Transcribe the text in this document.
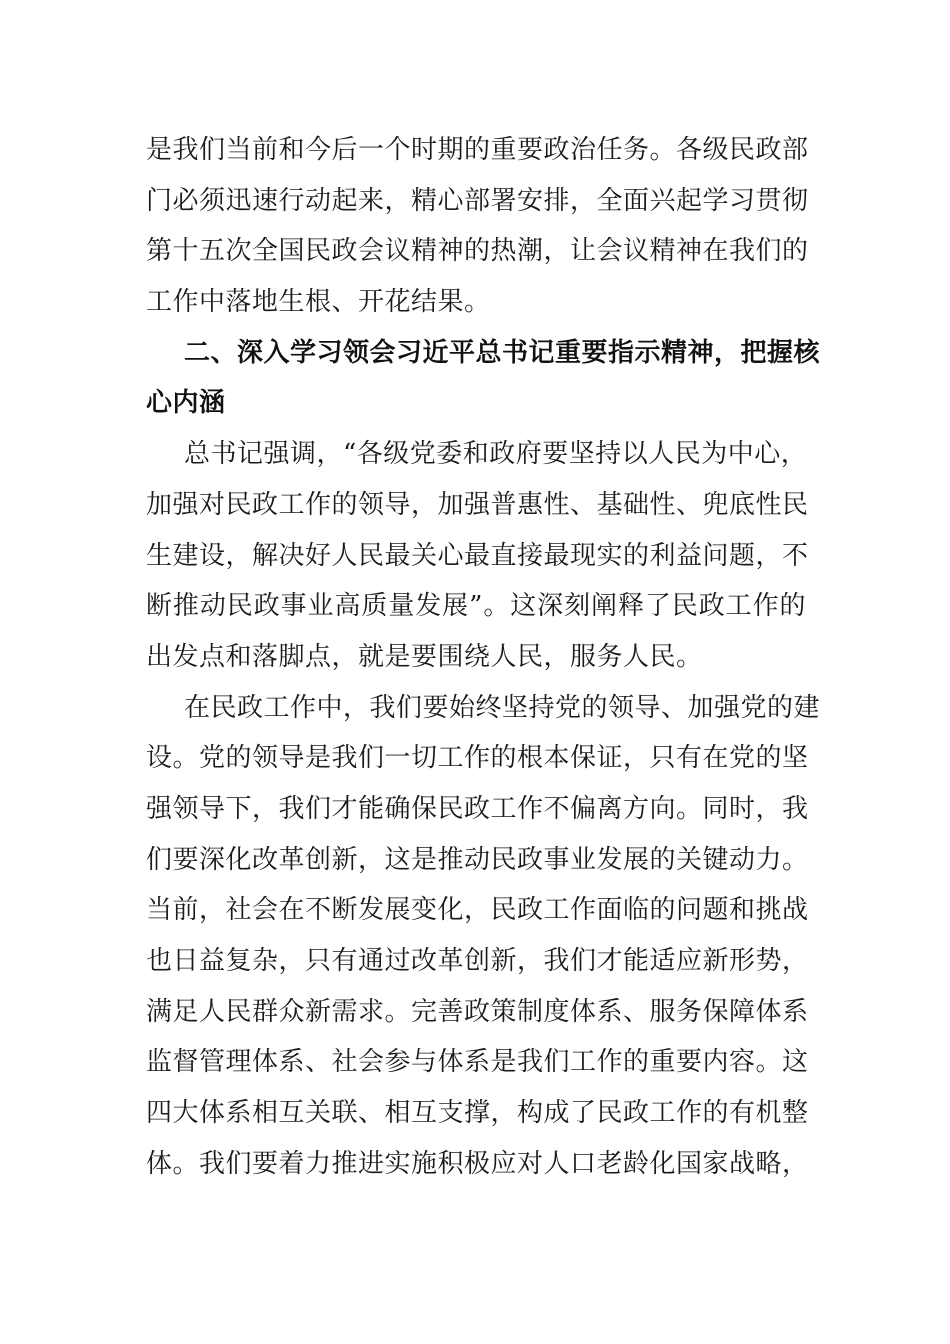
是我们当前和今后一个时期的重要政治任务。各级民政部
门必须迅速行动起来，精心部署安排，全面兴起学习贯彻
第十五次全国民政会议精神的热潮，让会议精神在我们的
工作中落地生根、开花结果。
二、深入学习领会习近平总书记重要指示精神，把握核
心内涵
总书记强调，“各级党委和政府要坚持以人民为中心，
加强对民政工作的领导，加强普惠性、基础性、兜底性民
生建设，解决好人民最关心最直接最现实的利益问题，不
断推动民政事业高质量发展”。这深刻阐释了民政工作的
出发点和落脚点，就是要围绕人民，服务人民。
在民政工作中，我们要始终坚持党的领导、加强党的建
设。党的领导是我们一切工作的根本保证，只有在党的坚
强领导下，我们才能确保民政工作不偏离方向。同时，我
们要深化改革创新，这是推动民政事业发展的关键动力。
当前，社会在不断发展变化，民政工作面临的问题和挑战
也日益复杂，只有通过改革创新，我们才能适应新形势，
满足人民群众新需求。完善政策制度体系、服务保障体系
监督管理体系、社会参与体系是我们工作的重要内容。这
四大体系相互关联、相互支撑，构成了民政工作的有机整
体。我们要着力推进实施积极应对人口老龄化国家战略，
